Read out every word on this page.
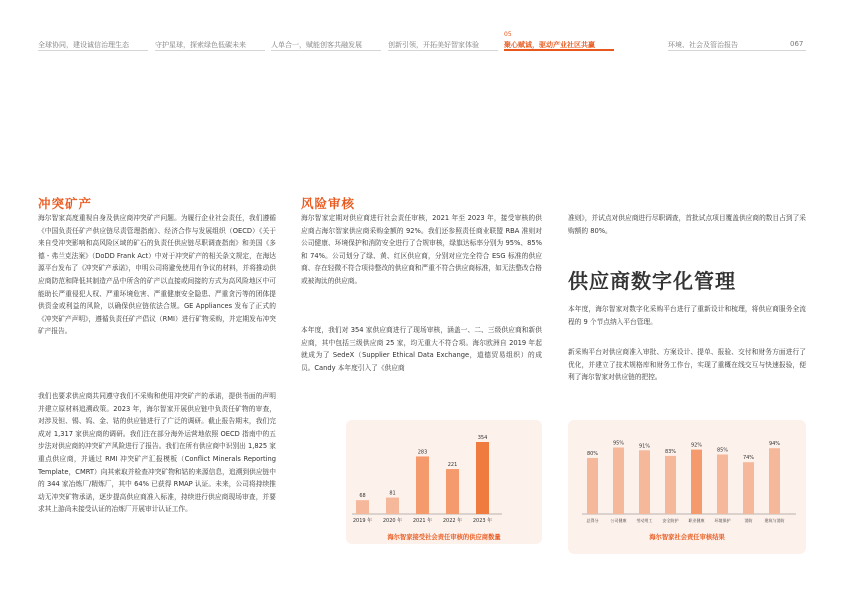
全球协同，建设诚信治理生态	守护星球，探索绿色低碳未来	人单合一，赋能创客共融发展	创新引领，开拓美好智家体验
05
聚心赋诚，驱动产业社区共赢	环境、社会及管治报告	067
冲突矿产
海尔智家高度重视自身及供应商冲突矿产问题。为履行企业社会责任，我们遵循《中国负责任矿产供应链尽责管理指南》、经济合作与发展组织（OECD）《关于来自受冲突影响和高风险区域的矿石的负责任供应链尽职调查指南》和美国《多德 - 弗兰克法案》（DoDD Frank Act）中对于冲突矿产的相关条文规定，在海达源平台发布了《冲突矿产承诺》，申明公司将避免使用有争议的材料，并将推动供应商防范和降低其制造产品中所含的矿产以直接或间接的方式为高风险地区中可能助长严重侵犯人权、严重环境危害、严重健康安全隐患、严重贪污等的团体提供资金或利益的风险，以确保供应链依法合规。GE Appliances 发布了正式的《冲突矿产声明》，遵循负责任矿产倡议（RMI）进行矿物采购，并定期发布冲突矿产报告。
我们也要求供应商共同遵守我们不采购和使用冲突矿产的承诺，提供书面的声明并建立原材料追溯政策。2023 年，海尔智家开展供应链中负责任矿物的审查，对涉及钽、锡、钨、金、钴的供应链进行了广泛的调研。截止报告期末，我们完成对 1,317 家供应商的调研。我们注在部分海外运营地依照 OECD 指南中的五步法对供应商的冲突矿产风险进行了报告。我们在所有供应商中识别出 1,825 家重点供应商，并通过 RMI 冲突矿产汇报模板（Conflict Minerals Reporting Template，CMRT）向其索取并检查冲突矿物和钴的来源信息，追溯到供应链中的 344 家冶炼厂/精炼厂，其中 64% 已获得 RMAP 认证。未来，公司将持续推动无冲突矿物承诺，逐步提高供应商准入标准，持续进行供应商现场审查，并要求其上游尚未接受认证的冶炼厂开展审计认证工作。
风险审核
海尔智家定期对供应商进行社会责任审核，2021 年至 2023 年，接受审核的供应商占海尔智家供应商采购金额的 92%。我们还参照责任商业联盟 RBA 准则对公司健康、环境保护和消防安全进行了合规审核，绿旗达标率分别为 95%、85% 和 74%。公司划分了绿、黄、红区供应商，分别对应完全符合 ESG 标准的供应商、存在轻微不符合项待整改的供应商和严重不符合供应商标准，如无法整改合格或被淘汰的供应商。
本年度，我们对 354 家供应商进行了现场审核，涵盖一、二、三级供应商和新供应商，其中包括三级供应商 25 家，均无重大不符合项。海尔欧洲自 2019 年起就成为了 SedeX（Supplier Ethical Data Exchange，道德贸易组织）的成员。Candy 本年度引入了《供应商
准则》，并试点对供应商进行尽职调查，首批试点项目覆盖供应商的数目占到了采购额的 80%。
供应商数字化管理
本年度，海尔智家对数字化采购平台进行了重新设计和梳理，将供应商服务全流程的 9 个节点纳入平台管理。
新采购平台对供应商准入审批、方案设计、提单、报验、交付和财务方面进行了优化，并建立了技术规格库和财务工作台，实现了重概在线交互与快速报验，便利了海尔智家对供应链的把控。
68
2019 年
81
2020 年
283
2021 年
221
2022 年
354
2023 年
海尔智家接受社会责任审核的供应商数量
80%
总得分
95%
公司健康
91%
劳动用工
83%
安全防护
92%
职业健康
85%
环境保护
74%
消防
94%
建筑与消防
海尔智家社会责任审核结果
